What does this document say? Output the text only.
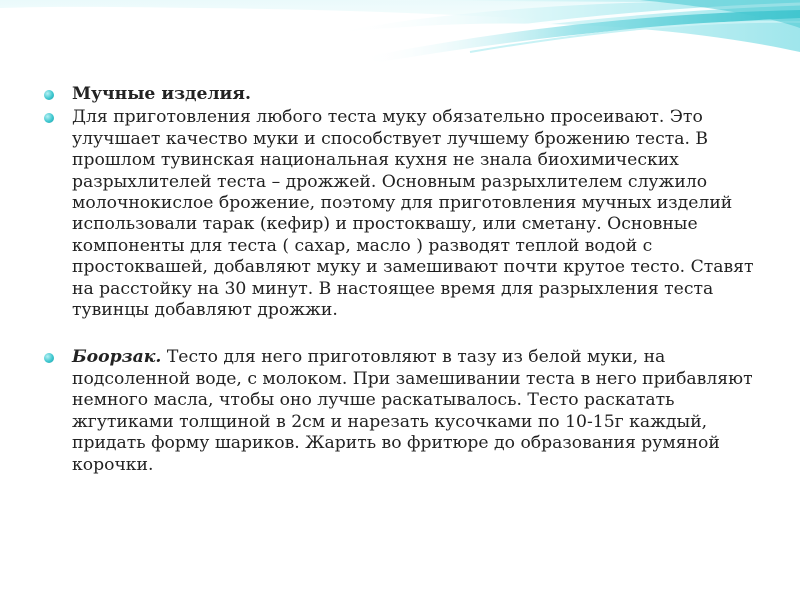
Мучные изделия.

Для приготовления любого теста муку обязательно просеивают. Это улучшает качество муки и способствует лучшему брожению теста. В прошлом тувинская национальная кухня не знала биохимических разрыхлителей теста – дрожжей. Основным разрыхлителем служило молочнокислое брожение, поэтому для приготовления мучных изделий использовали тарак (кефир) и простоквашу, или сметану. Основные компоненты для теста ( сахар, масло ) разводят теплой водой с простоквашей, добавляют муку и замешивают почти крутое тесто. Ставят на расстойку на 30 минут. В настоящее время для разрыхления теста тувинцы добавляют дрожжи.

Боорзак. Тесто для него приготовляют в тазу из белой муки, на подсоленной воде, с молоком. При замешивании теста в него прибавляют немного масла, чтобы оно лучше раскатывалось. Тесто раскатать жгутиками толщиной в 2см и нарезать кусочками по 10-15г каждый, придать форму шариков. Жарить во фритюре до образования румяной корочки.
